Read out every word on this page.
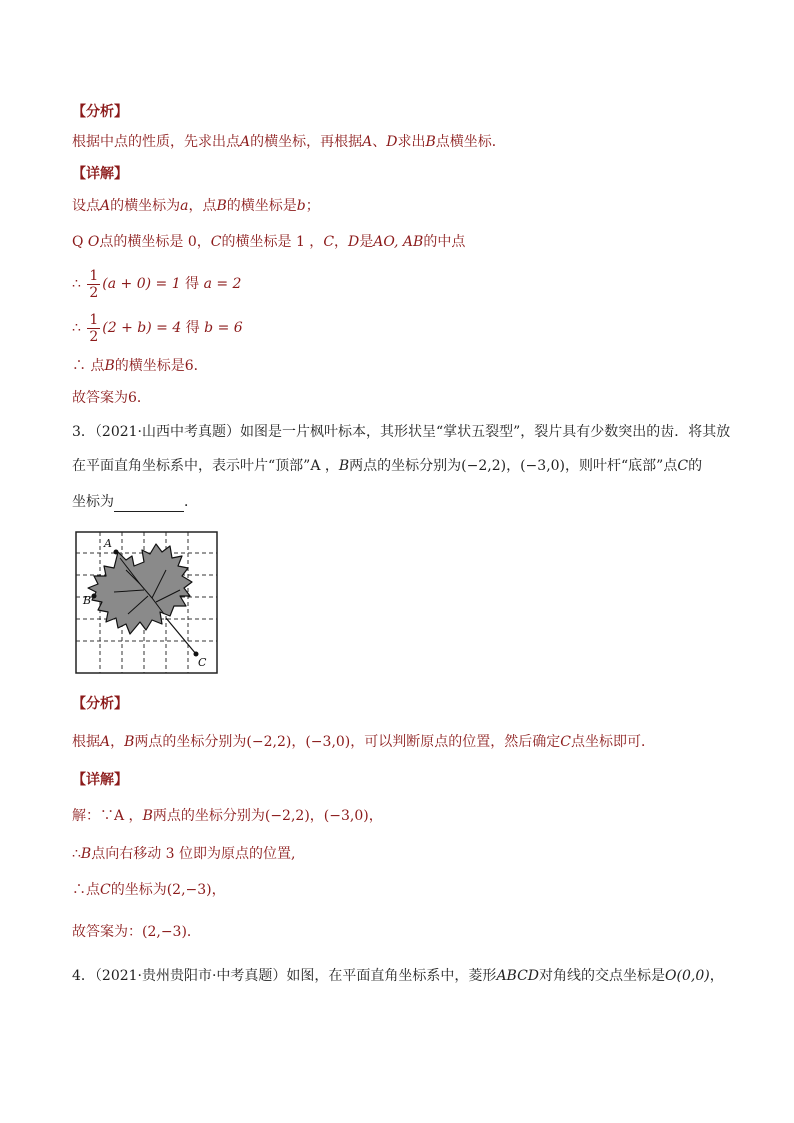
【分析】
根据中点的性质，先求出点A的横坐标，再根据A、D求出B点横坐标．
【详解】
设点A的横坐标为a，点B的横坐标是b；
Q O点的横坐标是 0，C的横坐标是 1 ，C，D是AO, AB的中点
∴ $\frac{1}{2} (a + 0) = 1$ 得 a = 2
∴ $\frac{1}{2} (2 + b) = 4$ 得 b = 6
∴ 点B的横坐标是6．
故答案为6．
3．（2021·山西中考真题）如图是一片枫叶标本，其形状呈“掌状五裂型”，裂片具有少数突出的齿．将其放
在平面直角坐标系中，表示叶片“顶部”A ，B两点的坐标分别为(−2,2)，(−3,0)，则叶杆“底部”点C的
坐标为	．
A
B
C
【分析】
根据A，B两点的坐标分别为(−2,2)，(−3,0)，可以判断原点的位置，然后确定C点坐标即可．
【详解】
解：∵A ，B两点的坐标分别为(−2,2)，(−3,0)，
∴B点向右移动 3 位即为原点的位置,
∴点C的坐标为(2,−3)，
故答案为：(2,−3)．
4．（2021·贵州贵阳市·中考真题）如图，在平面直角坐标系中，菱形ABCD对角线的交点坐标是O(0,0)，
